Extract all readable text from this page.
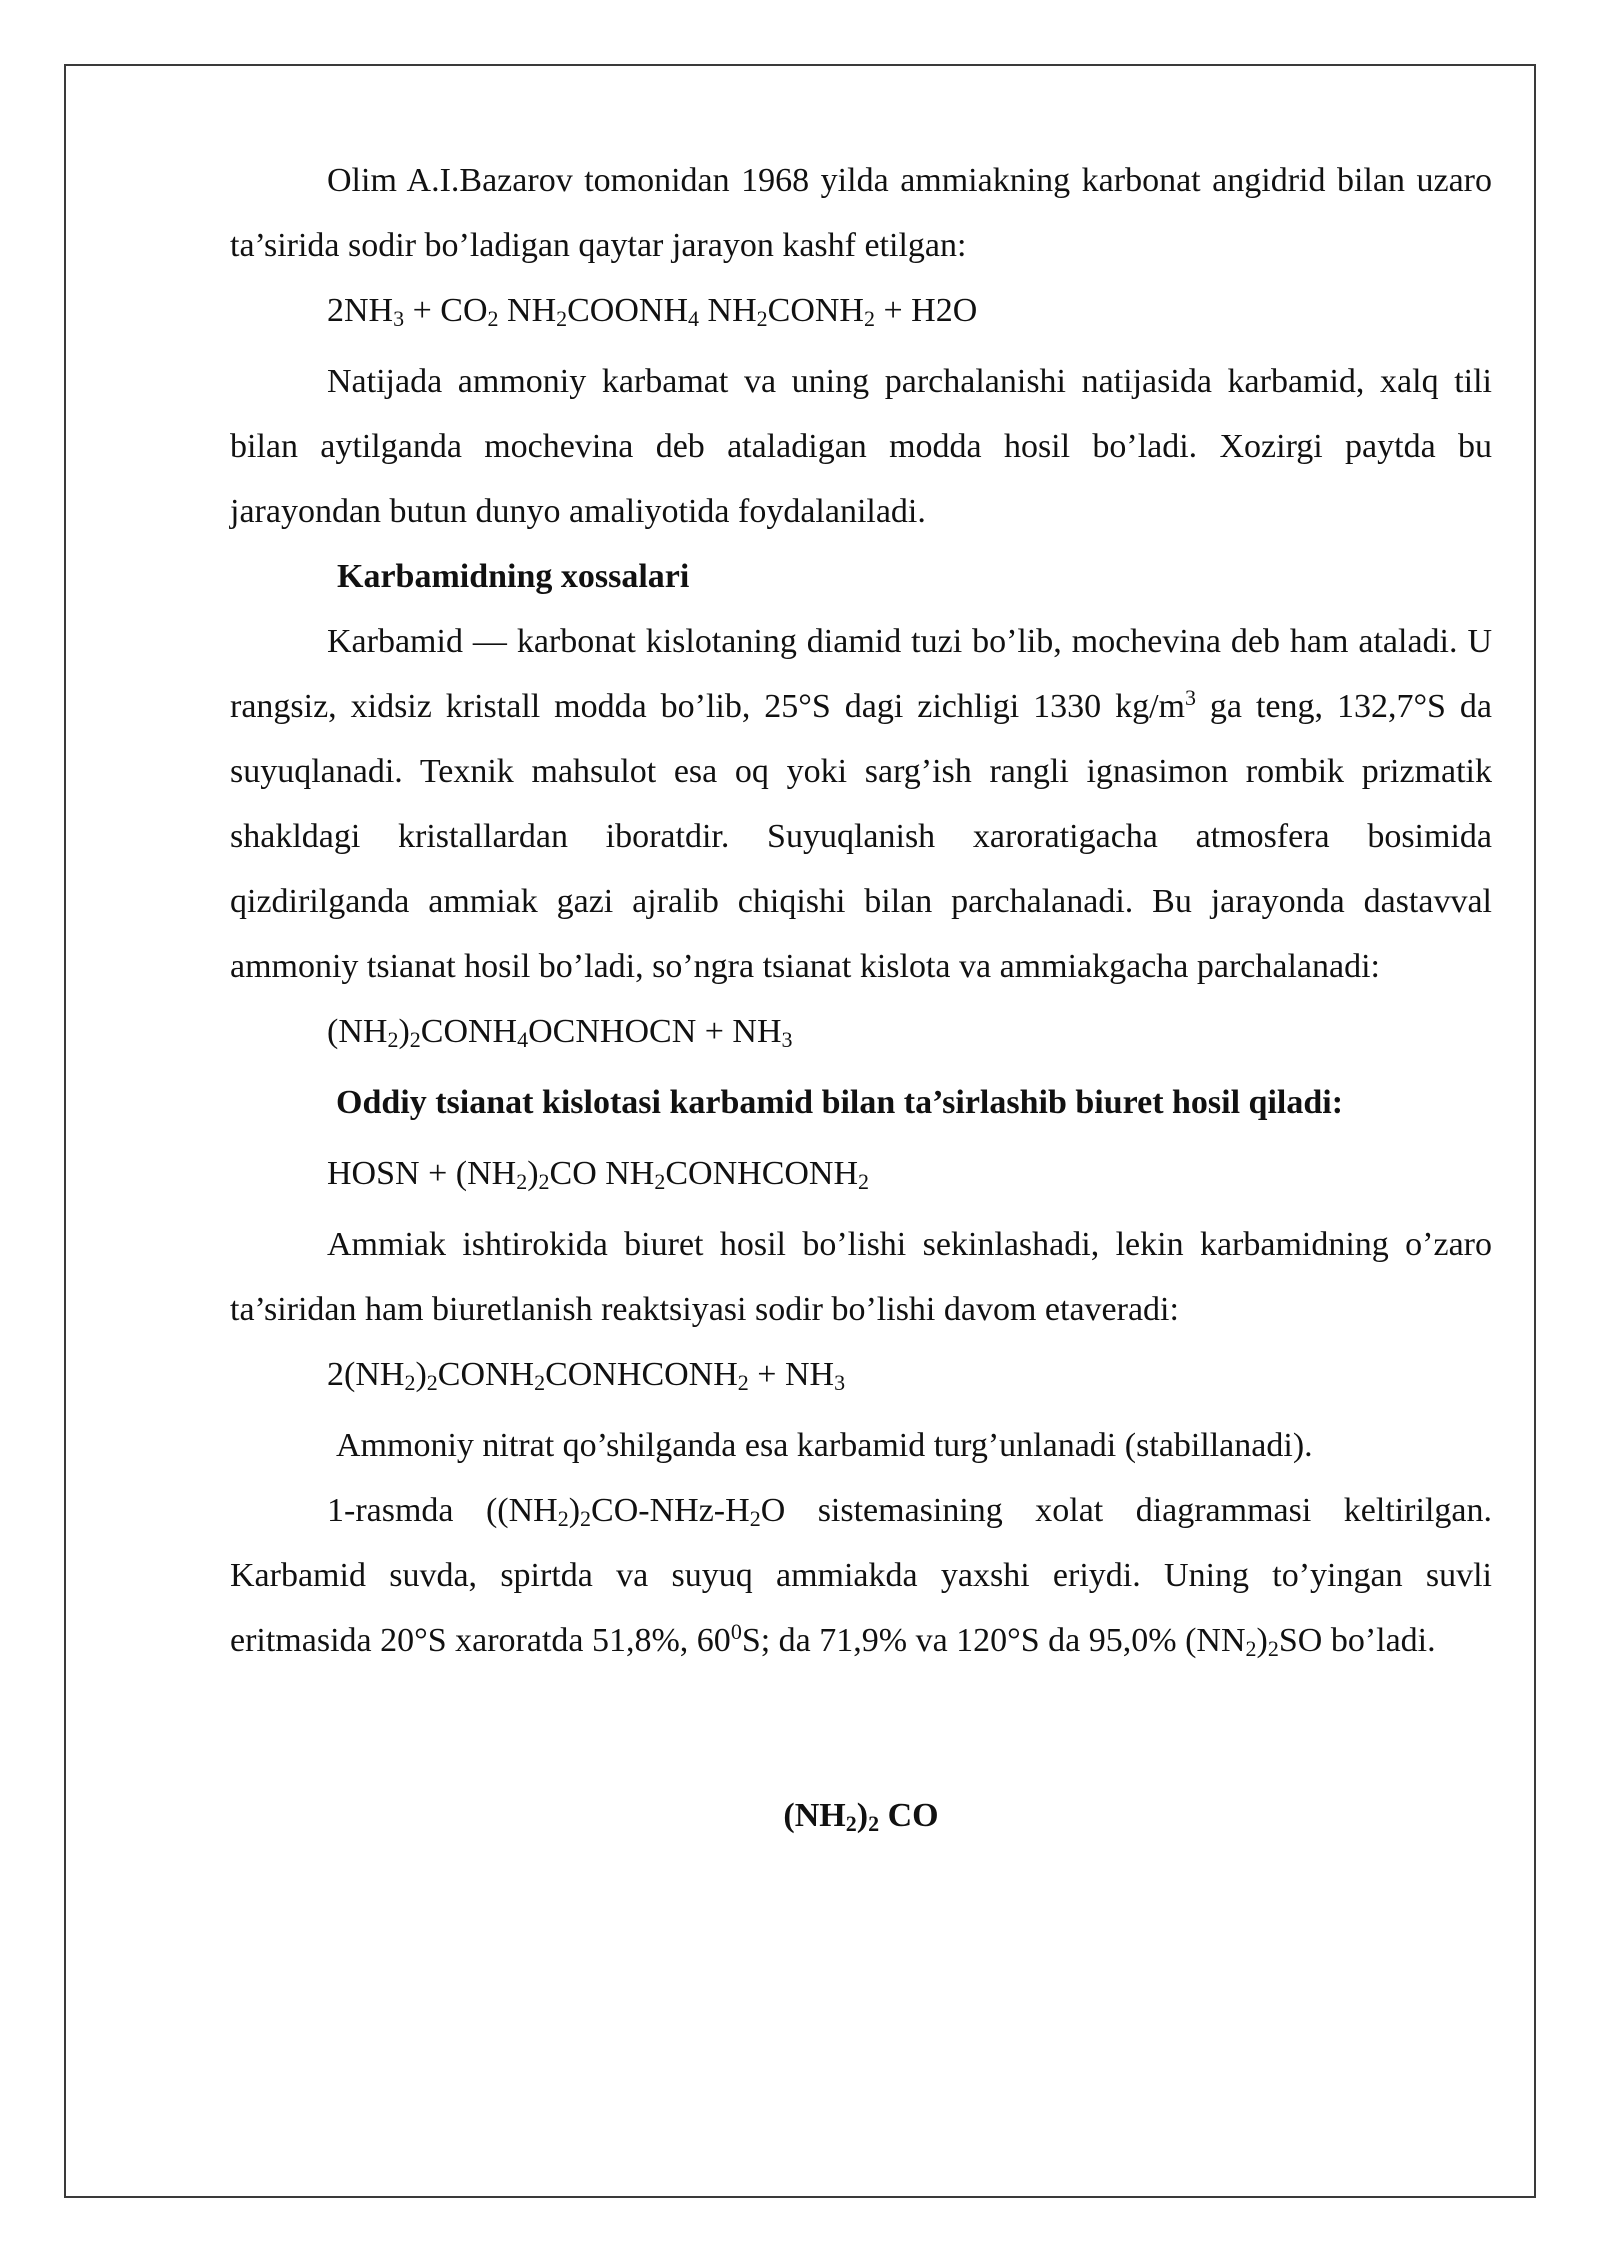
Olim A.I.Bazarov tomonidan 1968 yilda ammiakning karbonat angidrid bilan uzaro ta’sirida sodir bo’ladigan qaytar jarayon kashf etilgan:

$2NH_3 + CO_2$ $NH_2COONH_4$ $NH_2CONH_2 + H2O$

Natijada ammoniy karbamat va uning parchalanishi natijasida karbamid, xalq tili bilan aytilganda mochevina deb ataladigan modda hosil bo’ladi. Xozirgi paytda bu jarayondan butun dunyo amaliyotida foydalaniladi.

Karbamidning xossalari

Karbamid — karbonat kislotaning diamid tuzi bo’lib, mochevina deb ham ataladi. U rangsiz, xidsiz kristall modda bo’lib, 25°S dagi zichligi 1330 $kg/m^3$ ga teng, 132,7°S da suyuqlanadi. Texnik mahsulot esa oq yoki sarg’ish rangli ignasimon rombik prizmatik shakldagi kristallardan iboratdir. Suyuqlanish xaroratigacha atmosfera bosimida qizdirilganda ammiak gazi ajralib chiqishi bilan parchalanadi. Bu jarayonda dastavval ammoniy tsianat hosil bo’ladi, so’ngra tsianat kislota va ammiakgacha parchalanadi:

$(NH_2)_2CONH_4OCNHOCN + NH_3$

Oddiy tsianat kislotasi karbamid bilan ta’sirlashib biuret hosil qiladi:

HOSN + $(NH_2)_2CO$ $NH_2CONHCONH_2$

Ammiak ishtirokida biuret hosil bo’lishi sekinlashadi, lekin karbamidning o’zaro ta’siridan ham biuretlanish reaktsiyasi sodir bo’lishi davom etaveradi:

$2(NH_2)_2CONH_2CONHCONH_2 + NH_3$

Ammoniy nitrat qo’shilganda esa karbamid turg’unlanadi (stabillanadi).

1-rasmda ($(NH_2)_2CO-NHz-H_2O$ sistemasining xolat diagrammasi keltirilgan. Karbamid suvda, spirtda va suyuq ammiakda yaxshi eriydi. Uning to’yingan suvli eritmasida 20°S xaroratda 51,8%, $60^0S$; da 71,9% va 120°S da 95,0% $(NN_2)_2SO$ bo’ladi.

$(NH_2)_2$ CO
